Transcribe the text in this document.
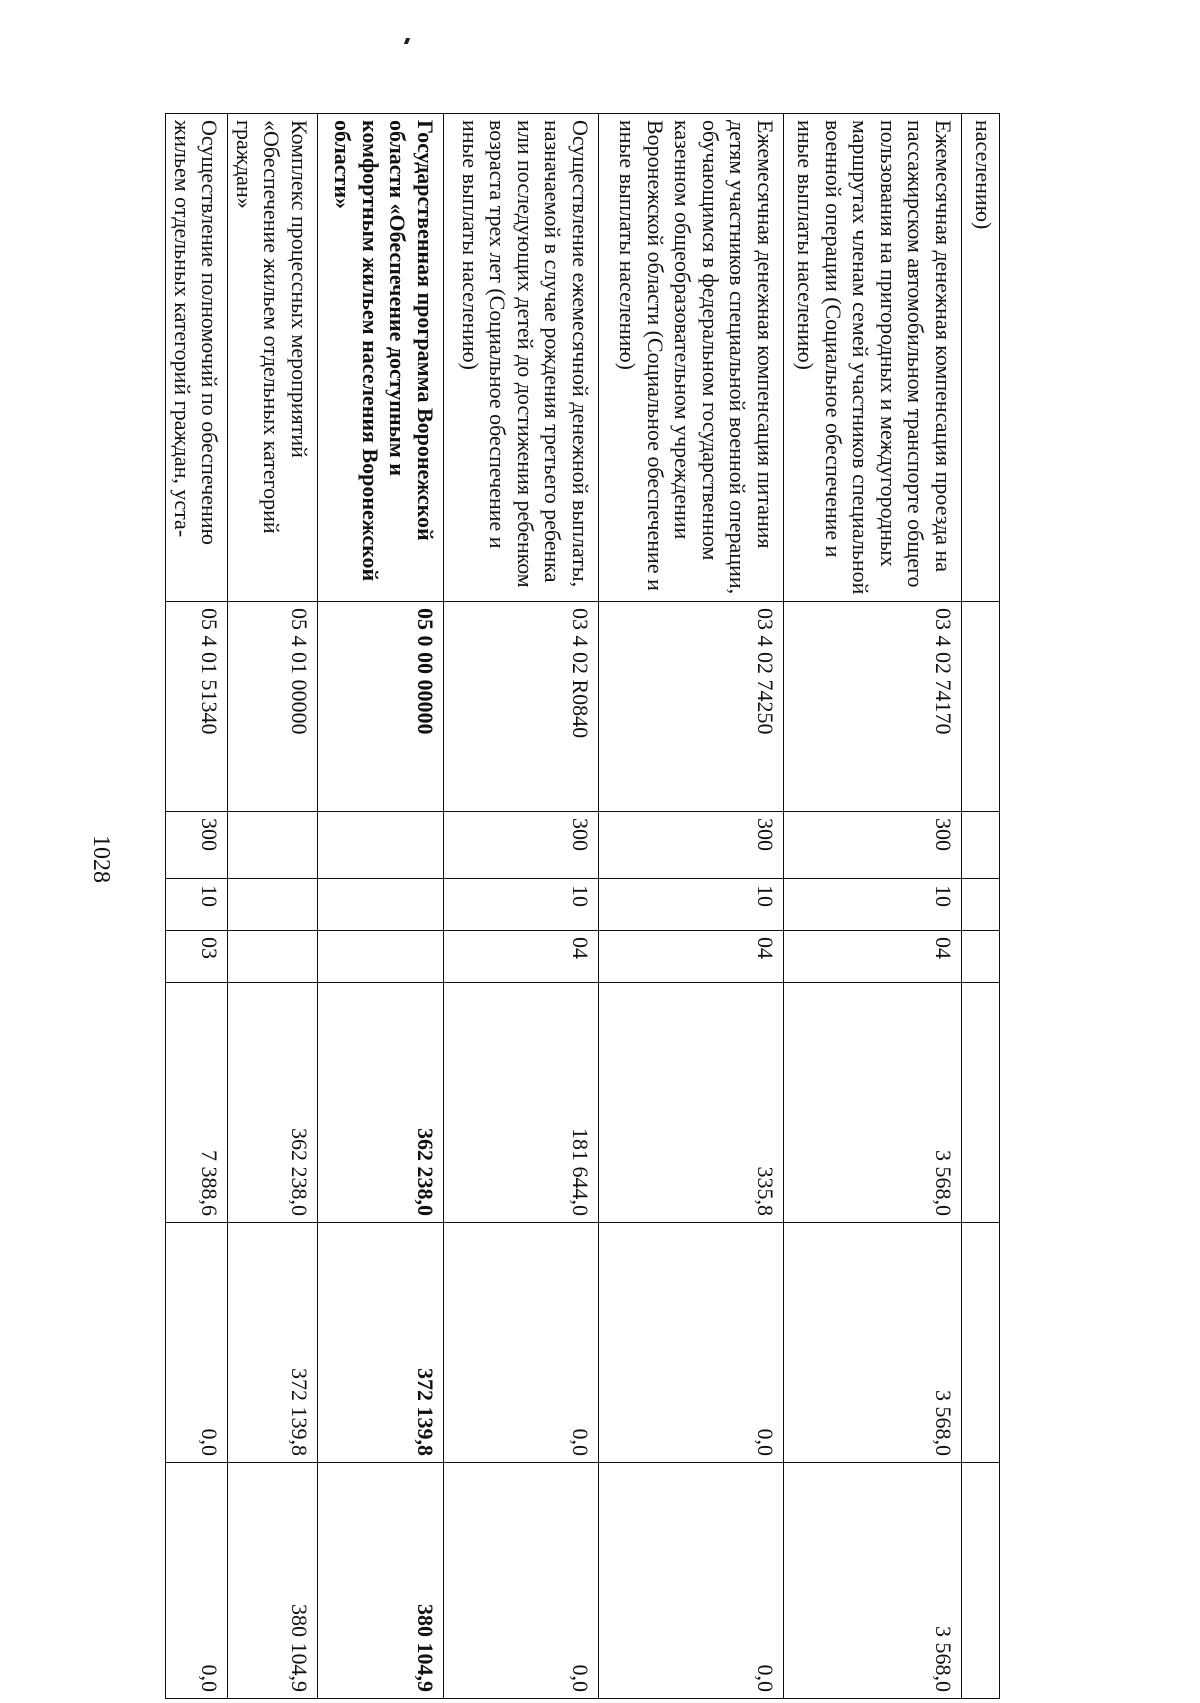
1028
населению)							
Ежемесячная денежная компенсация проезда на пассажирском автомобильном транспорте общего пользования на пригородных и междугородных маршрутах членам семей участников специальной военной операции (Социальное обеспечение и иные выплаты населению)	03 4 02 74170	300	10	04	3 568,0	3 568,0	3 568,0
Ежемесячная денежная компенсация питания детям участников специальной военной операции, обучающимся в федеральном государственном казенном общеобразовательном учреждении Воронежской области (Социальное обеспечение и иные выплаты населению)	03 4 02 74250	300	10	04	335,8	0,0	0,0
Осуществление ежемесячной денежной выплаты, назначаемой в случае рождения третьего ребенка или последующих детей до достижения ребенком возраста трех лет (Социальное обеспечение и иные выплаты населению)	03 4 02 R0840	300	10	04	181 644,0	0,0	0,0
Государственная программа Воронежской области «Обеспечение доступным и комфортным жильем населения Воронежской области»	05 0 00 00000				362 238,0	372 139,8	380 104,9
Комплекс процессных мероприятий «Обеспечение жильем отдельных категорий граждан»	05 4 01 00000				362 238,0	372 139,8	380 104,9
Осуществление полномочий по обеспечению жильем отдельных категорий граждан, уста-	05 4 01 51340	300	10	03	7 388,6	0,0	0,0
